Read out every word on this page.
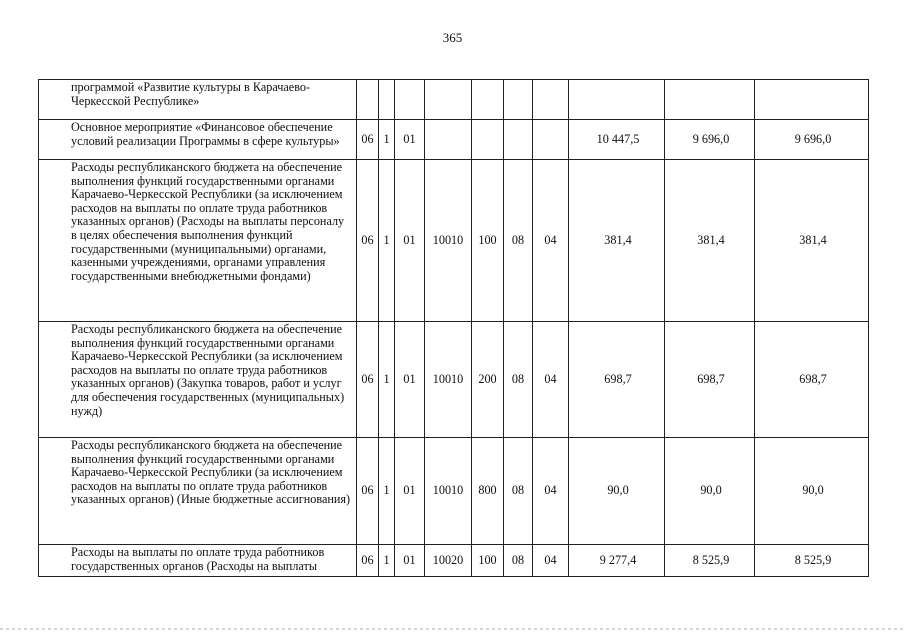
365
программой «Развитие культуры в Карачаево-Черкесской Республике»										
Основное мероприятие «Финансовое обеспечение условий реализации Программы в сфере культуры»	06	1	01					10 447,5	9 696,0	9 696,0
Расходы республиканского бюджета на обеспечение выполнения функций государственными органами Карачаево-Черкесской Республики (за исключением расходов на выплаты по оплате труда работников указанных органов) (Расходы на выплаты персоналу в целях обеспечения выполнения функций государственными (муниципальными) органами, казенными учреждениями, органами управления государственными внебюджетными фондами)	06	1	01	10010	100	08	04	381,4	381,4	381,4
Расходы республиканского бюджета на обеспечение выполнения функций государственными органами Карачаево-Черкесской Республики (за исключением расходов на выплаты по оплате труда работников указанных органов) (Закупка товаров, работ и услуг для обеспечения государственных (муниципальных) нужд)	06	1	01	10010	200	08	04	698,7	698,7	698,7
Расходы республиканского бюджета на обеспечение выполнения функций государственными органами Карачаево-Черкесской Республики (за исключением расходов на выплаты по оплате труда работников указанных органов) (Иные бюджетные ассигнования)	06	1	01	10010	800	08	04	90,0	90,0	90,0
Расходы на выплаты по оплате труда работников государственных органов (Расходы на выплаты	06	1	01	10020	100	08	04	9 277,4	8 525,9	8 525,9
